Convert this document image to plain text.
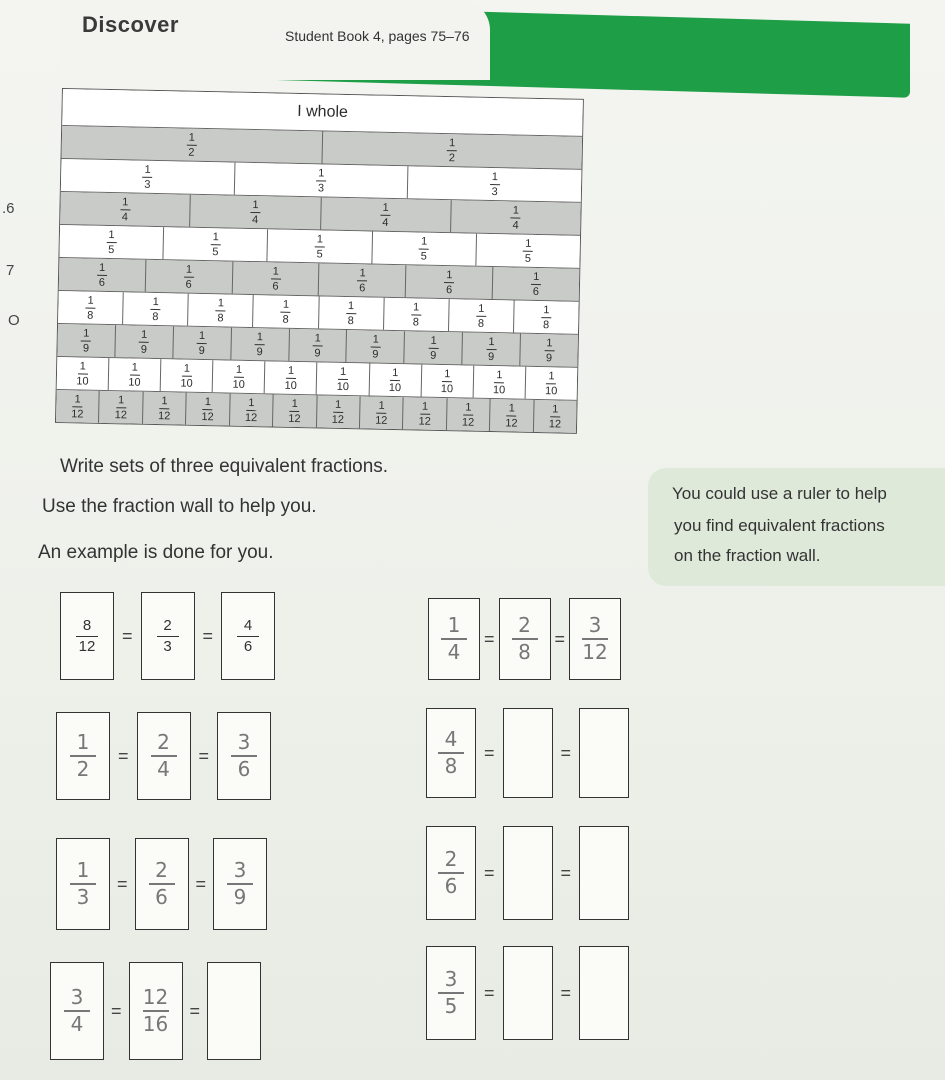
Discover	Student Book 4, pages 75–76
.6
7
O
I whole
$\frac{1}{2}$	$\frac{1}{2}$
$\frac{1}{3}$	$\frac{1}{3}$	$\frac{1}{3}$
$\frac{1}{4}$	$\frac{1}{4}$	$\frac{1}{4}$	$\frac{1}{4}$
$\frac{1}{5}$	$\frac{1}{5}$	$\frac{1}{5}$	$\frac{1}{5}$	$\frac{1}{5}$
$\frac{1}{6}$	$\frac{1}{6}$	$\frac{1}{6}$	$\frac{1}{6}$	$\frac{1}{6}$	$\frac{1}{6}$
$\frac{1}{8}$	$\frac{1}{8}$	$\frac{1}{8}$	$\frac{1}{8}$	$\frac{1}{8}$	$\frac{1}{8}$	$\frac{1}{8}$	$\frac{1}{8}$
$\frac{1}{9}$	$\frac{1}{9}$	$\frac{1}{9}$	$\frac{1}{9}$	$\frac{1}{9}$	$\frac{1}{9}$	$\frac{1}{9}$	$\frac{1}{9}$	$\frac{1}{9}$
$\frac{1}{10}$	$\frac{1}{10}$	$\frac{1}{10}$	$\frac{1}{10}$	$\frac{1}{10}$	$\frac{1}{10}$	$\frac{1}{10}$	$\frac{1}{10}$	$\frac{1}{10}$	$\frac{1}{10}$
$\frac{1}{12}$	$\frac{1}{12}$	$\frac{1}{12}$	$\frac{1}{12}$	$\frac{1}{12}$	$\frac{1}{12}$	$\frac{1}{12}$	$\frac{1}{12}$	$\frac{1}{12}$	$\frac{1}{12}$	$\frac{1}{12}$	$\frac{1}{12}$
Write sets of three equivalent fractions.
Use the fraction wall to help you.
An example is done for you.
You could use a ruler to help
you find equivalent fractions
on the fraction wall.
$\frac{8}{12} = \frac{2}{3} = \frac{4}{6}$	$\frac{1}{4} = \frac{2}{8} = \frac{3}{12}$
$\frac{1}{2} = \frac{2}{4} = \frac{3}{6}$	$\frac{4}{8}$ =	=
$\frac{1}{3} = \frac{2}{6} = \frac{3}{9}$	$\frac{2}{6}$ =	=
$\frac{3}{4} = \frac{12}{16}$ =	$\frac{3}{5}$ =	=
